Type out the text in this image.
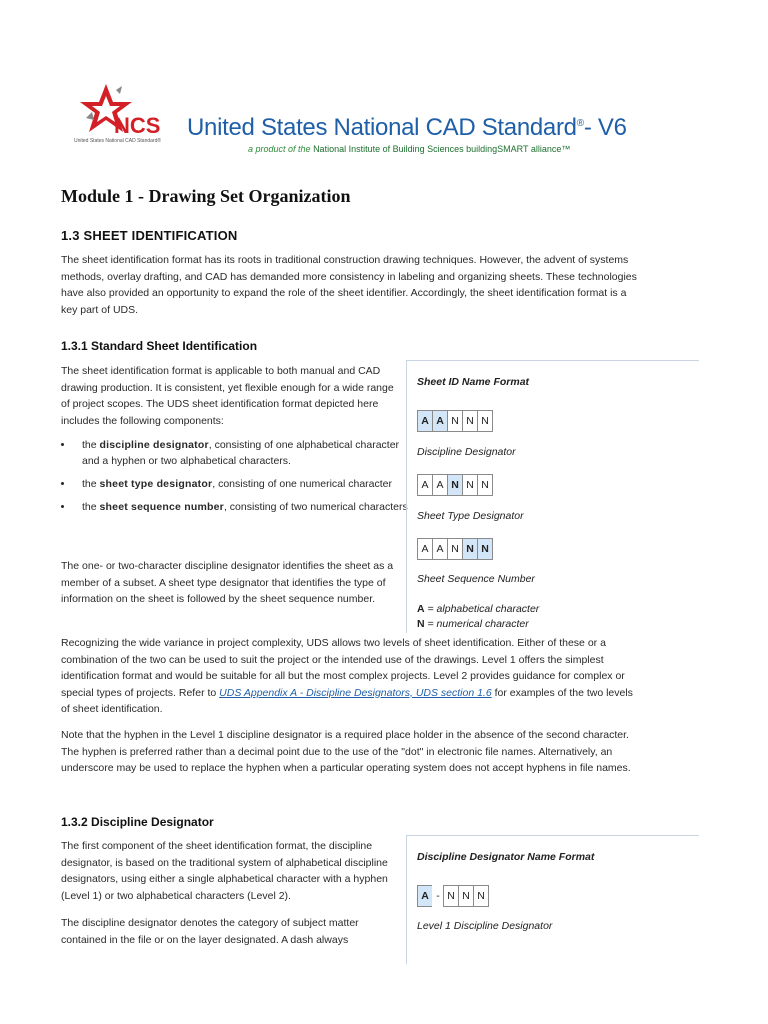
NCS
United States National CAD Standard® United States National CAD Standard®- V6
a product of the National Institute of Building Sciences buildingSMART alliance™
Module 1 - Drawing Set Organization
1.3 SHEET IDENTIFICATION

The sheet identification format has its roots in traditional construction drawing techniques. However, the advent of systems methods, overlay drafting, and CAD has demanded more consistency in labeling and organizing sheets. These technologies have also provided an opportunity to expand the role of the sheet identifier. Accordingly, the sheet identification format is a key part of UDS.

1.3.1 Standard Sheet Identification

The sheet identification format is applicable to both manual and CAD drawing production. It is consistent, yet flexible enough for a wide range of project scopes. The UDS sheet identification format depicted here includes the following components:

• the discipline designator, consisting of one alphabetical character and a hyphen or two alphabetical characters.
• the sheet type designator, consisting of one numerical character
• the sheet sequence number, consisting of two numerical characters

The one- or two-character discipline designator identifies the sheet as a member of a subset. A sheet type designator that identifies the type of information on the sheet is followed by the sheet sequence number.

Recognizing the wide variance in project complexity, UDS allows two levels of sheet identification. Either of these or a combination of the two can be used to suit the project or the intended use of the drawings. Level 1 offers the simplest identification format and would be suitable for all but the most complex projects. Level 2 provides guidance for complex or special types of projects. Refer to UDS Appendix A - Discipline Designators, UDS section 1.6 for examples of the two levels of sheet identification.

Note that the hyphen in the Level 1 discipline designator is a required place holder in the absence of the second character. The hyphen is preferred rather than a decimal point due to the use of the "dot" in electronic file names. Alternatively, an underscore may be used to replace the hyphen when a particular operating system does not accept hyphens in file names.

Sheet ID Name Format
A A N N N
Discipline Designator
A A N N N
Sheet Type Designator
A A N N N
Sheet Sequence Number
A = alphabetical character
N = numerical character
1.3.2 Discipline Designator

The first component of the sheet identification format, the discipline designator, is based on the traditional system of alphabetical discipline designators, using either a single alphabetical character with a hyphen (Level 1) or two alphabetical characters (Level 2).

The discipline designator denotes the category of subject matter contained in the file or on the layer designated. A dash always

Discipline Designator Name Format
A - N N N
Level 1 Discipline Designator
